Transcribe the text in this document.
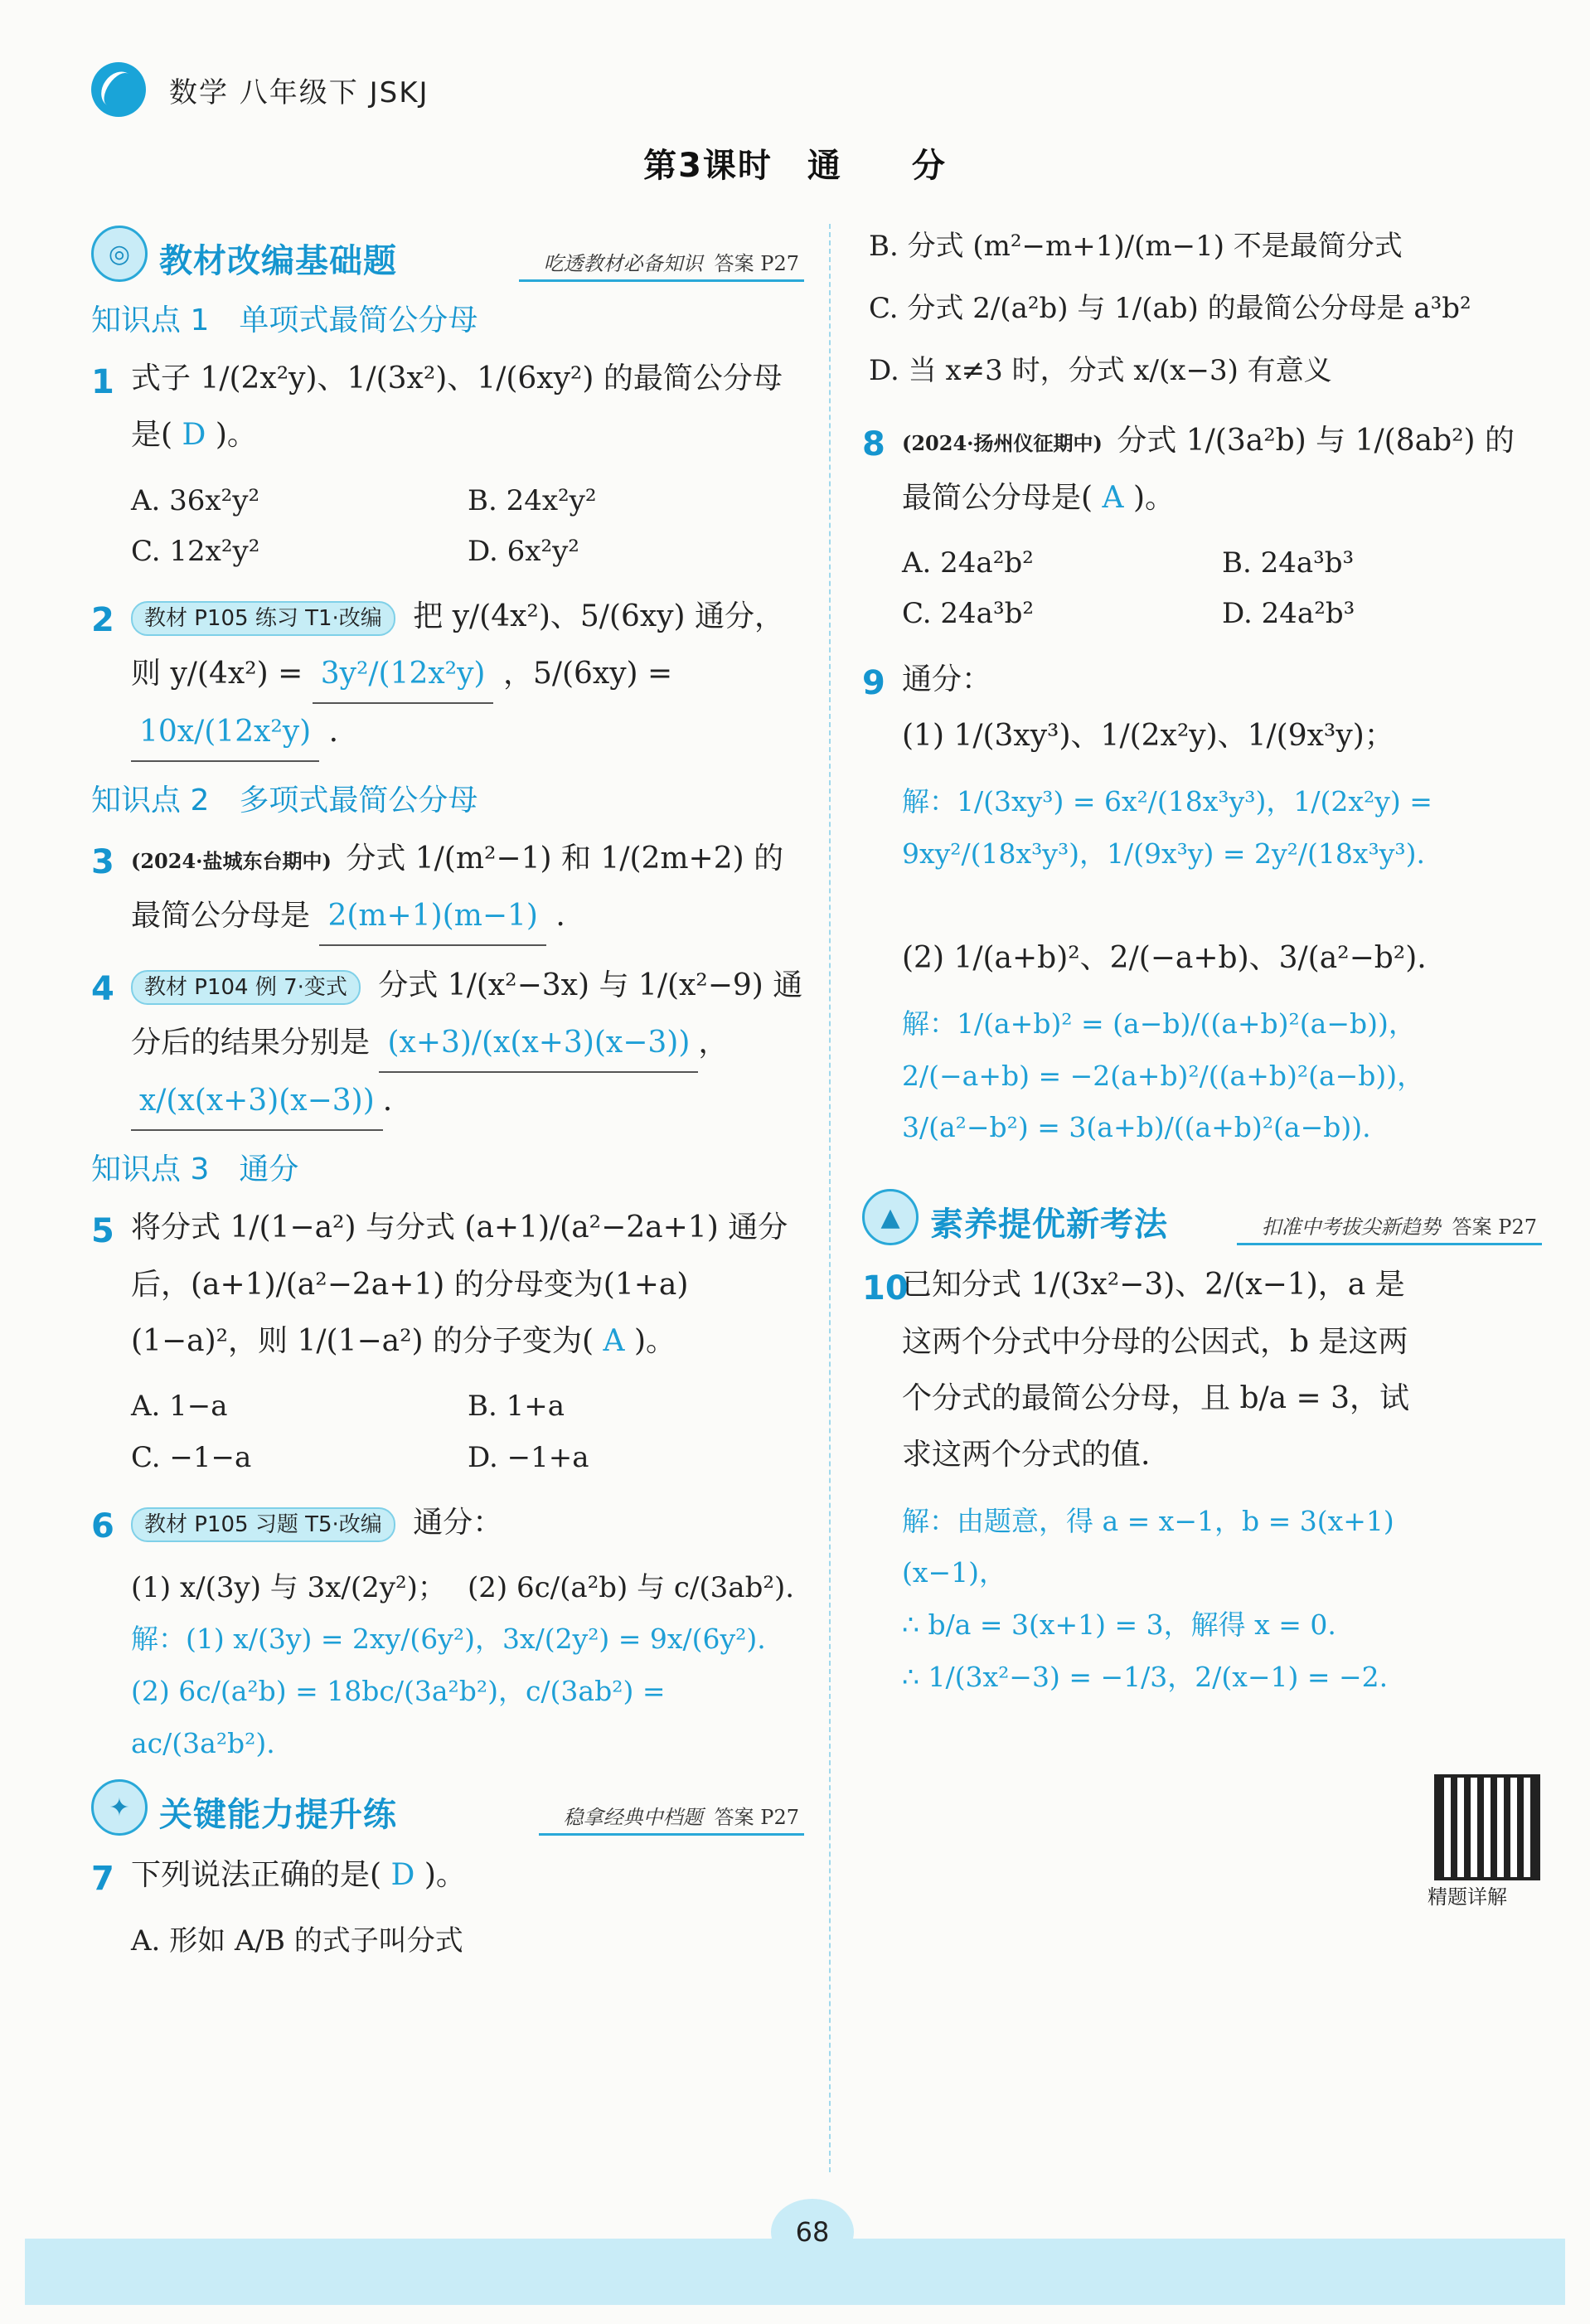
数学 八年级下 JSKJ
第3课时　通　　分
◎ 教材改编基础题	吃透教材必备知识 答案 P27
知识点 1　单项式最简公分母
1 式子 1/(2x²y)、1/(3x²)、1/(6xy²) 的最简公分母是( D )。
A. 36x²y²	B. 24x²y²
C. 12x²y²	D. 6x²y²
2 教材 P105 练习 T1·改编 把 y/(4x²)、5/(6xy) 通分，则 y/(4x²) = 3y²/(12x²y) ，5/(6xy) = 10x/(12x²y) .
知识点 2　多项式最简公分母
3 (2024·盐城东台期中) 分式 1/(m²−1) 和 1/(2m+2) 的最简公分母是 2(m+1)(m−1) .
4 教材 P104 例 7·变式 分式 1/(x²−3x) 与 1/(x²−9) 通分后的结果分别是 (x+3)/(x(x+3)(x−3)) ， x/(x(x+3)(x−3)) .
知识点 3　通分
5 将分式 1/(1−a²) 与分式 (a+1)/(a²−2a+1) 通分后，(a+1)/(a²−2a+1) 的分母变为(1+a)(1−a)²，则 1/(1−a²) 的分子变为( A )。
A. 1−a	B. 1+a
C. −1−a	D. −1+a
6 教材 P105 习题 T5·改编 通分：
(1) x/(3y) 与 3x/(2y²)； (2) 6c/(a²b) 与 c/(3ab²).
解：(1) x/(3y) = 2xy/(6y²)，3x/(2y²) = 9x/(6y²).
(2) 6c/(a²b) = 18bc/(3a²b²)，c/(3ab²) = ac/(3a²b²).
✦ 关键能力提升练	稳拿经典中档题 答案 P27
7 下列说法正确的是( D )。
A. 形如 A/B 的式子叫分式
B. 分式 (m²−m+1)/(m−1) 不是最简分式
C. 分式 2/(a²b) 与 1/(ab) 的最简公分母是 a³b²
D. 当 x≠3 时，分式 x/(x−3) 有意义
8 (2024·扬州仪征期中) 分式 1/(3a²b) 与 1/(8ab²) 的最简公分母是( A )。
A. 24a²b²	B. 24a³b³
C. 24a³b²	D. 24a²b³
9 通分：
(1) 1/(3xy³)、1/(2x²y)、1/(9x³y)；
解：1/(3xy³) = 6x²/(18x³y³)，1/(2x²y) = 9xy²/(18x³y³)，1/(9x³y) = 2y²/(18x³y³).
(2) 1/(a+b)²、2/(−a+b)、3/(a²−b²).
解：1/(a+b)² = (a−b)/((a+b)²(a−b))，2/(−a+b) = −2(a+b)²/((a+b)²(a−b))，3/(a²−b²) = 3(a+b)/((a+b)²(a−b)).
▲ 素养提优新考法	扣准中考拔尖新趋势 答案 P27
10
已知分式 1/(3x²−3)、2/(x−1)，a 是这两个分式中分母的公因式，b 是这两个分式的最简公分母，且 b/a = 3，试求这两个分式的值.
解：由题意，得 a = x−1，b = 3(x+1)(x−1)，
∴ b/a = 3(x+1) = 3，解得 x = 0.
∴ 1/(3x²−3) = −1/3，2/(x−1) = −2.
精题详解
68
